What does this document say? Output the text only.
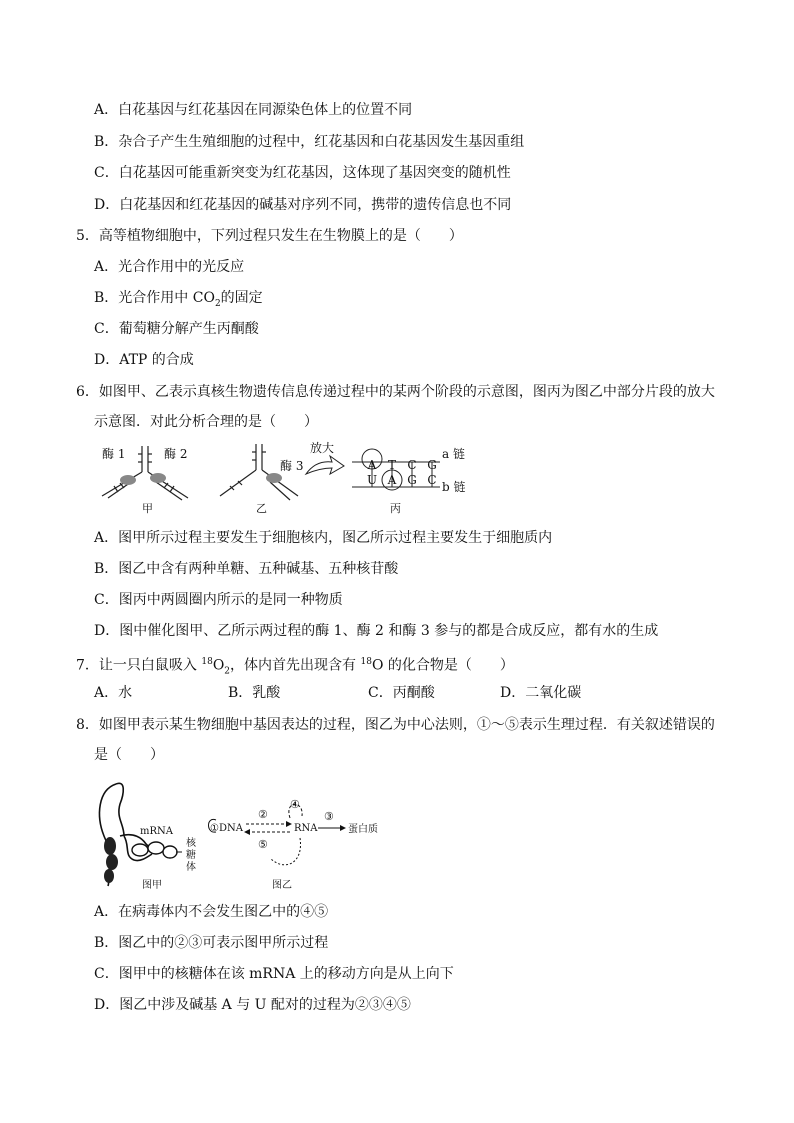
A．白花基因与红花基因在同源染色体上的位置不同
B．杂合子产生生殖细胞的过程中，红花基因和白花基因发生基因重组
C．白花基因可能重新突变为红花基因，这体现了基因突变的随机性
D．白花基因和红花基因的碱基对序列不同，携带的遗传信息也不同
5．高等植物细胞中，下列过程只发生在生物膜上的是（　　）
A．光合作用中的光反应
B．光合作用中 $CO_2$的固定
C．葡萄糖分解产生丙酮酸
D．ATP 的合成
6．如图甲、乙表示真核生物遗传信息传递过程中的某两个阶段的示意图，图丙为图乙中部分片段的放大
示意图．对此分析合理的是（　　）
酶 1	酶 2
甲
酶 3
乙
放大
A T C G
U A G C
a 链
b 链
丙
A．图甲所示过程主要发生于细胞核内，图乙所示过程主要发生于细胞质内
B．图乙中含有两种单糖、五种碱基、五种核苷酸
C．图丙中两圆圈内所示的是同一种物质
D．图中催化图甲、乙所示两过程的酶 1、酶 2 和酶 3 参与的都是合成反应，都有水的生成
7．让一只白鼠吸入 $^{18}O_2$，体内首先出现含有 $^{18}$O 的化合物是（　　）
A．水	B．乳酸	C．丙酮酸	D．二氧化碳
8．如图甲表示某生物细胞中基因表达的过程，图乙为中心法则，①～⑤表示生理过程．有关叙述错误的
是（　　）
mRNA
核
糖
体
图甲
①DNA
②
⑤
④
RNA
③
蛋白质
图乙
A．在病毒体内不会发生图乙中的④⑤
B．图乙中的②③可表示图甲所示过程
C．图甲中的核糖体在该 mRNA 上的移动方向是从上向下
D．图乙中涉及碱基 A 与 U 配对的过程为②③④⑤
